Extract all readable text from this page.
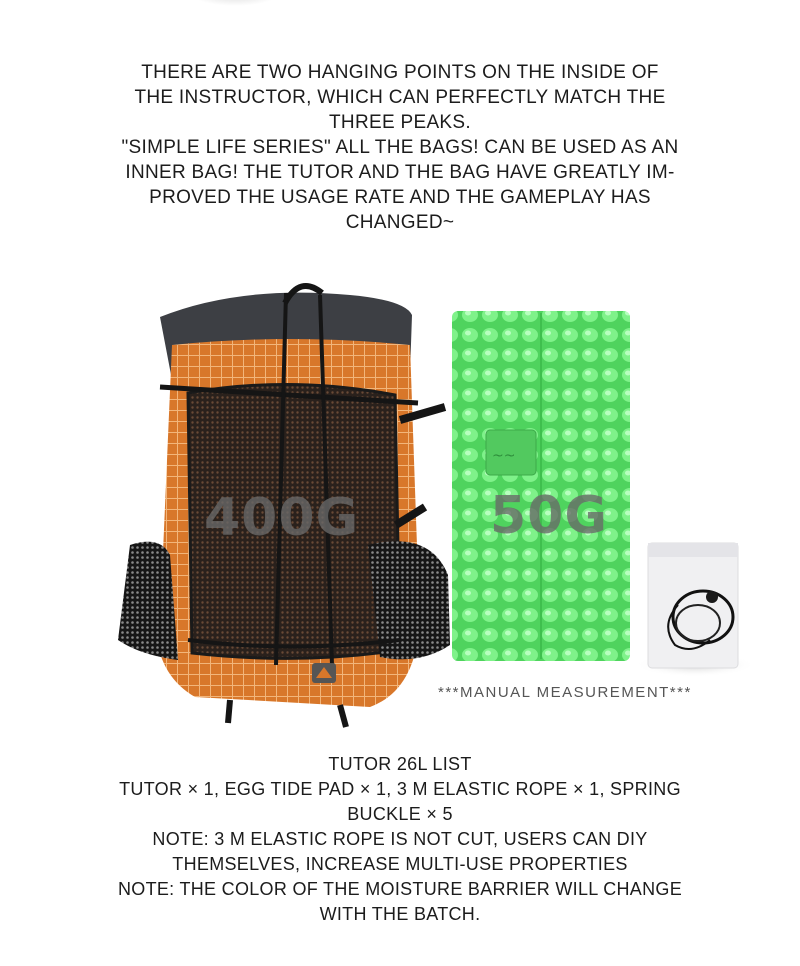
THERE ARE TWO HANGING POINTS ON THE INSIDE OF THE INSTRUCTOR, WHICH CAN PERFECTLY MATCH THE THREE PEAKS.

"SIMPLE LIFE SERIES" ALL THE BAGS! CAN BE USED AS AN INNER BAG! THE TUTOR AND THE BAG HAVE GREATLY IM-PROVED THE USAGE RATE AND THE GAMEPLAY HAS CHANGED~

~~
400G	50G
***MANUAL MEASUREMENT***

TUTOR 26L LIST

TUTOR × 1, EGG TIDE PAD × 1, 3 M ELASTIC ROPE × 1, SPRING BUCKLE × 5

NOTE: 3 M ELASTIC ROPE IS NOT CUT, USERS CAN DIY THEMSELVES, INCREASE MULTI-USE PROPERTIES

NOTE: THE COLOR OF THE MOISTURE BARRIER WILL CHANGE WITH THE BATCH.
